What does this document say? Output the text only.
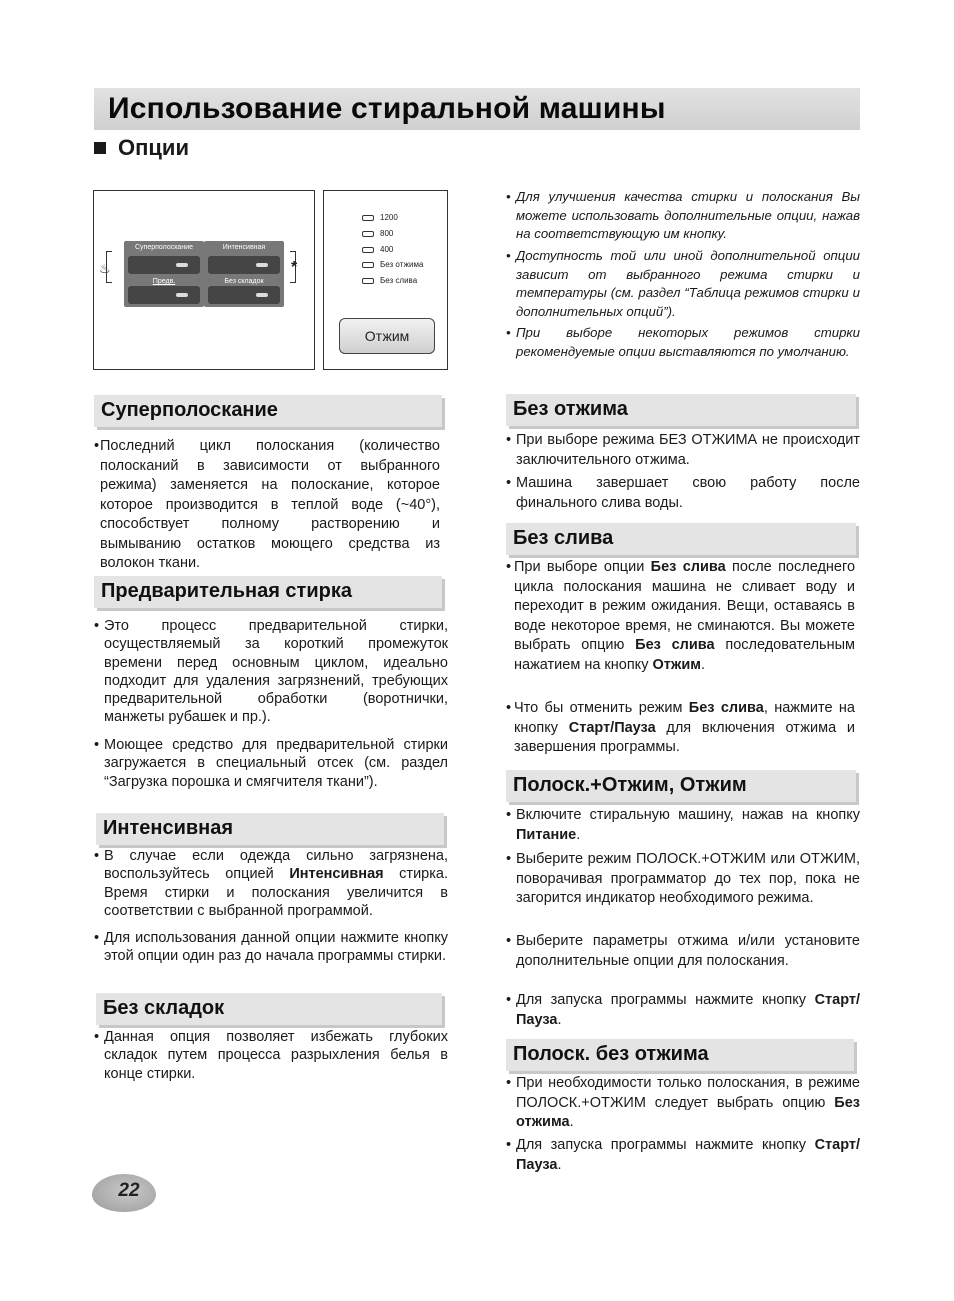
Использование стиральной машины
Опции
♨
Суперполоскание
Предв.
Интенсивная
Без складок
*
1200
800
400
Без отжима
Без слива
Отжим
• Для улучшения качества стирки и полоскания Вы можете использовать дополнительные опции, нажав на соответствующую им кнопку.
• Доступность той или иной дополнительной опции зависит от выбранного режима стирки и температуры (см. раздел “Таблица режимов стирки и дополнительных опций”).
• При выборе некоторых режимов стирки рекомендуемые опции выставляются по умолчанию.
Суперполоскание
• Последний цикл полоскания (количество полосканий в зависимости от выбранного режима) заменяется на полоскание, которое которое производится в теплой воде (~40°), способствует полному растворению и вымыванию остатков моющего средства из волокон ткани.
Предварительная стирка
• Это процесс предварительной стирки, осуществляемый за короткий промежуток времени перед основным циклом, идеально подходит для удаления загрязнений, требующих предварительной обработки (воротнички, манжеты рубашек и пр.).
• Моющее средство для предварительной стирки загружается в специальный отсек (см. раздел “Загрузка порошка и смягчителя ткани”).
Интенсивная
• В случае если одежда сильно загрязнена, воспользуйтесь опцией Интенсивная стирка. Время стирки и полоскания увеличится в соответствии с выбранной программой.
• Для использования данной опции нажмите кнопку этой опции один раз до начала программы стирки.
Без складок
• Данная опция позволяет избежать глубоких складок путем процесса разрыхления белья в конце стирки.
Без отжима
• При выборе режима БЕЗ ОТЖИМА не происходит заключительного отжима.
• Машина завершает свою работу после финального слива воды.
Без слива
• При выборе опции Без слива после последнего цикла полоскания машина не сливает воду и переходит в режим ожидания. Вещи, оставаясь в воде некоторое время, не сминаются. Вы можете выбрать опцию Без слива последовательным нажатием на кнопку Отжим.
• Что бы отменить режим Без слива, нажмите на кнопку Старт/Пауза для включения отжима и завершения программы.
Полоск.+Отжим, Отжим
• Включите стиральную машину, нажав на кнопку Питание.
• Выберите режим ПОЛОСК.+ОТЖИМ или ОТЖИМ, поворачивая программатор до тех пор, пока не загорится индикатор необходимого режима.
• Выберите параметры отжима и/или установите дополнительные опции для полоскания.
• Для запуска программы нажмите кнопку Старт/Пауза.
Полоск. без отжима
• При необходимости только полоскания, в режиме ПОЛОСК.+ОТЖИМ следует выбрать опцию Без отжима.
• Для запуска программы нажмите кнопку Старт/Пауза.
22
